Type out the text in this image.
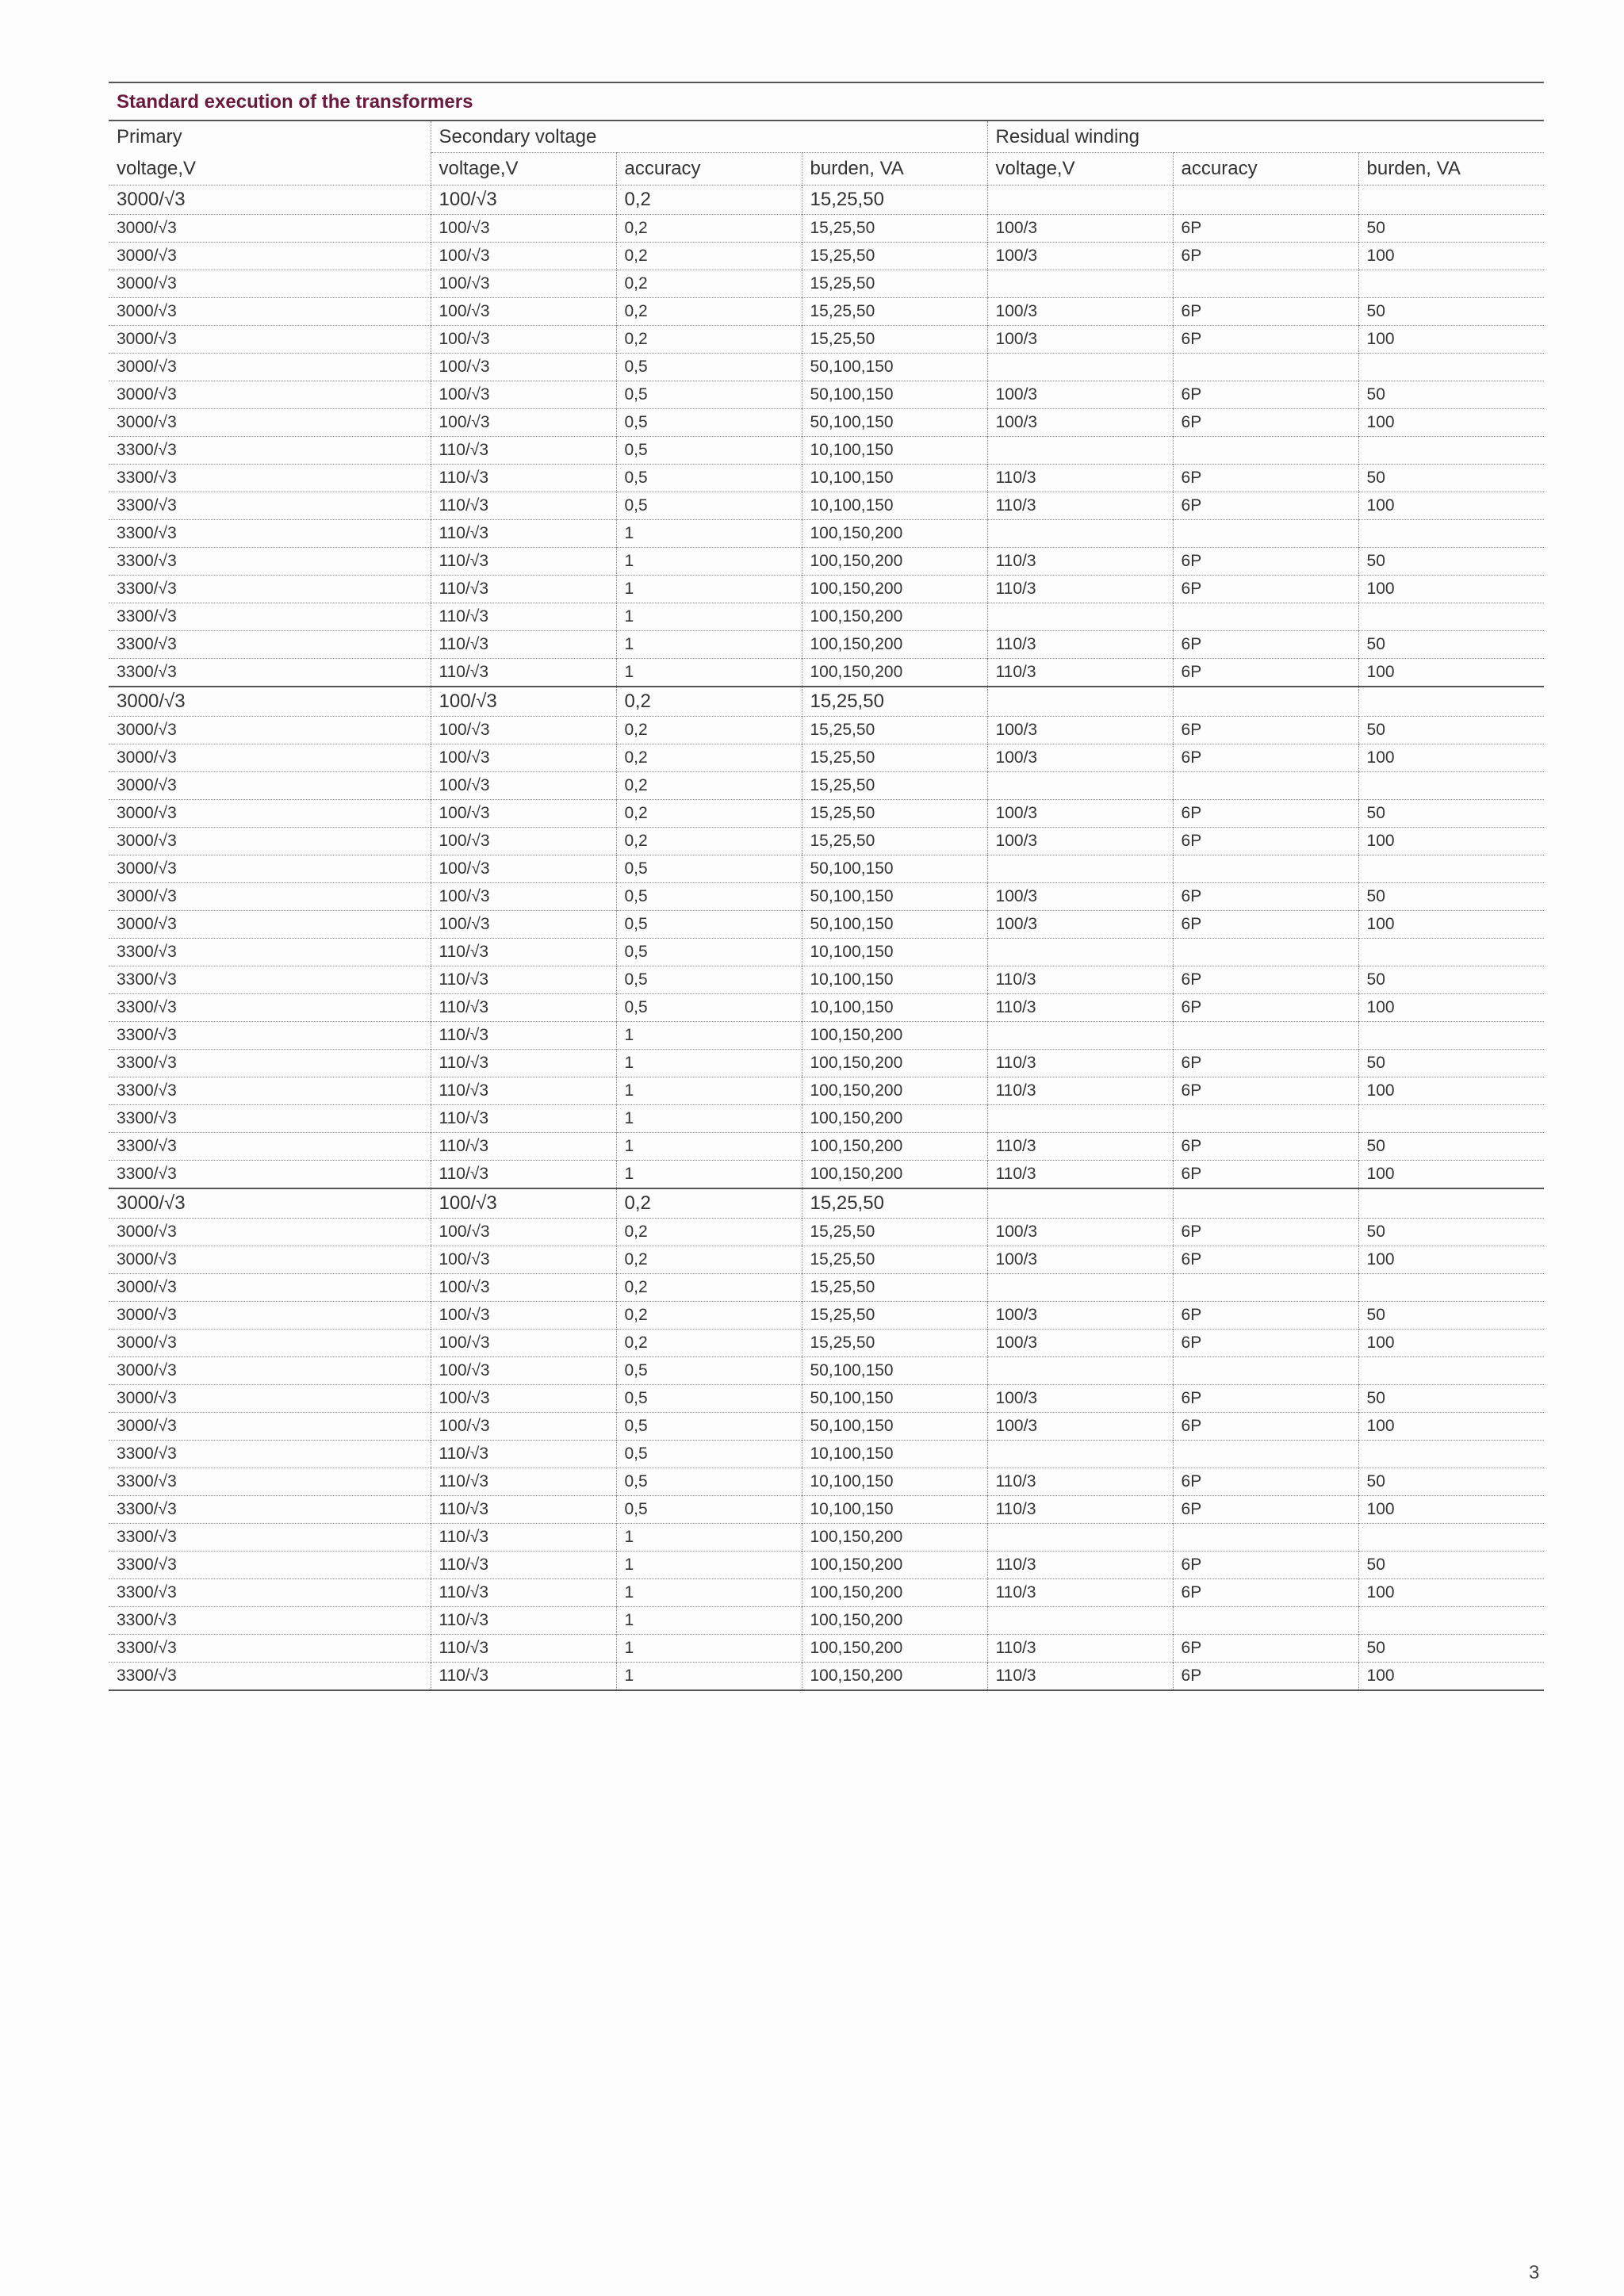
Standard execution of the transformers
Primary	Secondary voltage			Residual winding		
voltage,V	voltage,V	accuracy	burden, VA	voltage,V	accuracy	burden, VA
3000/√3	100/√3	0,2	15,25,50			
3000/√3	100/√3	0,2	15,25,50	100/3	6P	50
3000/√3	100/√3	0,2	15,25,50	100/3	6P	100
3000/√3	100/√3	0,2	15,25,50			
3000/√3	100/√3	0,2	15,25,50	100/3	6P	50
3000/√3	100/√3	0,2	15,25,50	100/3	6P	100
3000/√3	100/√3	0,5	50,100,150			
3000/√3	100/√3	0,5	50,100,150	100/3	6P	50
3000/√3	100/√3	0,5	50,100,150	100/3	6P	100
3300/√3	110/√3	0,5	10,100,150			
3300/√3	110/√3	0,5	10,100,150	110/3	6P	50
3300/√3	110/√3	0,5	10,100,150	110/3	6P	100
3300/√3	110/√3	1	100,150,200			
3300/√3	110/√3	1	100,150,200	110/3	6P	50
3300/√3	110/√3	1	100,150,200	110/3	6P	100
3300/√3	110/√3	1	100,150,200			
3300/√3	110/√3	1	100,150,200	110/3	6P	50
3300/√3	110/√3	1	100,150,200	110/3	6P	100
3000/√3	100/√3	0,2	15,25,50			
3000/√3	100/√3	0,2	15,25,50	100/3	6P	50
3000/√3	100/√3	0,2	15,25,50	100/3	6P	100
3000/√3	100/√3	0,2	15,25,50			
3000/√3	100/√3	0,2	15,25,50	100/3	6P	50
3000/√3	100/√3	0,2	15,25,50	100/3	6P	100
3000/√3	100/√3	0,5	50,100,150			
3000/√3	100/√3	0,5	50,100,150	100/3	6P	50
3000/√3	100/√3	0,5	50,100,150	100/3	6P	100
3300/√3	110/√3	0,5	10,100,150			
3300/√3	110/√3	0,5	10,100,150	110/3	6P	50
3300/√3	110/√3	0,5	10,100,150	110/3	6P	100
3300/√3	110/√3	1	100,150,200			
3300/√3	110/√3	1	100,150,200	110/3	6P	50
3300/√3	110/√3	1	100,150,200	110/3	6P	100
3300/√3	110/√3	1	100,150,200			
3300/√3	110/√3	1	100,150,200	110/3	6P	50
3300/√3	110/√3	1	100,150,200	110/3	6P	100
3000/√3	100/√3	0,2	15,25,50			
3000/√3	100/√3	0,2	15,25,50	100/3	6P	50
3000/√3	100/√3	0,2	15,25,50	100/3	6P	100
3000/√3	100/√3	0,2	15,25,50			
3000/√3	100/√3	0,2	15,25,50	100/3	6P	50
3000/√3	100/√3	0,2	15,25,50	100/3	6P	100
3000/√3	100/√3	0,5	50,100,150			
3000/√3	100/√3	0,5	50,100,150	100/3	6P	50
3000/√3	100/√3	0,5	50,100,150	100/3	6P	100
3300/√3	110/√3	0,5	10,100,150			
3300/√3	110/√3	0,5	10,100,150	110/3	6P	50
3300/√3	110/√3	0,5	10,100,150	110/3	6P	100
3300/√3	110/√3	1	100,150,200			
3300/√3	110/√3	1	100,150,200	110/3	6P	50
3300/√3	110/√3	1	100,150,200	110/3	6P	100
3300/√3	110/√3	1	100,150,200			
3300/√3	110/√3	1	100,150,200	110/3	6P	50
3300/√3	110/√3	1	100,150,200	110/3	6P	100
3
